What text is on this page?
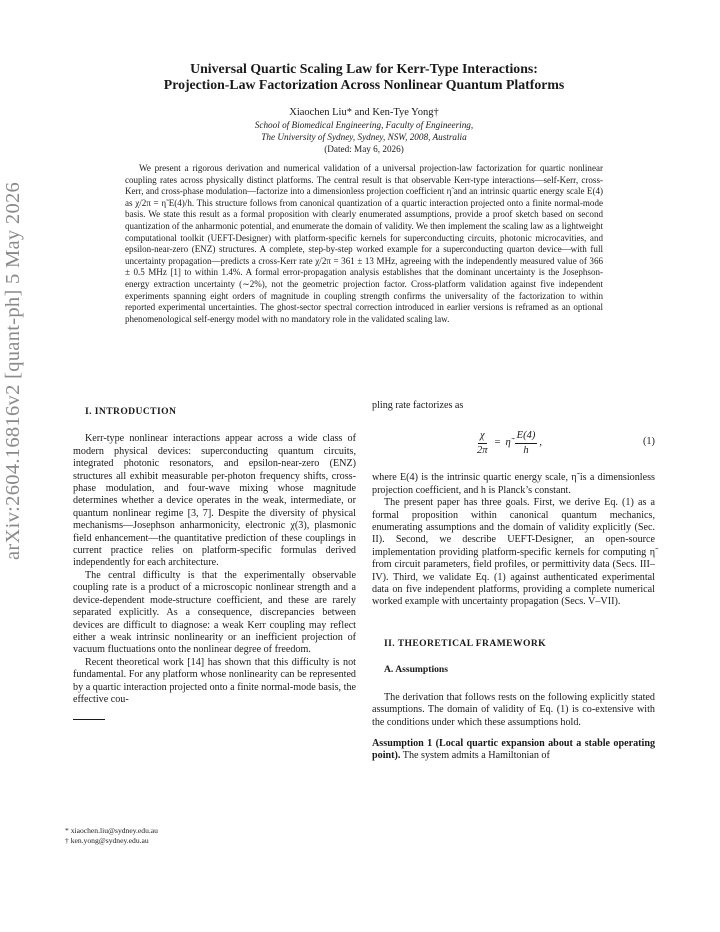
arXiv:2604.16816v2 [quant-ph] 5 May 2026
Universal Quartic Scaling Law for Kerr-Type Interactions:
Projection-Law Factorization Across Nonlinear Quantum Platforms
Xiaochen Liu* and Ken-Tye Yong†
School of Biomedical Engineering, Faculty of Engineering,
The University of Sydney, Sydney, NSW, 2008, Australia
(Dated: May 6, 2026)

We present a rigorous derivation and numerical validation of a universal projection-law factorization for quartic nonlinear coupling rates across physically distinct platforms. The central result is that observable Kerr-type interactions—self-Kerr, cross-Kerr, and cross-phase modulation—factorize into a dimensionless projection coefficient η̃ and an intrinsic quartic energy scale E(4) as χ/2π = η̃ E(4)/h. This structure follows from canonical quantization of a quartic interaction projected onto a finite normal-mode basis. We state this result as a formal proposition with clearly enumerated assumptions, provide a proof sketch based on second quantization of the anharmonic potential, and enumerate the domain of validity. We then implement the scaling law as a lightweight computational toolkit (UEFT-Designer) with platform-specific kernels for superconducting circuits, photonic microcavities, and epsilon-near-zero (ENZ) structures. A complete, step-by-step worked example for a superconducting quarton device—with full uncertainty propagation—predicts a cross-Kerr rate χ/2π = 361 ± 13 MHz, agreeing with the independently measured value of 366 ± 0.5 MHz [1] to within 1.4%. A formal error-propagation analysis establishes that the dominant uncertainty is the Josephson-energy extraction uncertainty (∼2%), not the geometric projection factor. Cross-platform validation against five independent experiments spanning eight orders of magnitude in coupling strength confirms the universality of the factorization to within reported experimental uncertainties. The ghost-sector spectral correction introduced in earlier versions is reframed as an optional phenomenological self-energy model with no mandatory role in the validated scaling law.

I. INTRODUCTION

Kerr-type nonlinear interactions appear across a wide class of modern physical devices: superconducting quantum circuits, integrated photonic resonators, and epsilon-near-zero (ENZ) structures all exhibit measurable per-photon frequency shifts, cross-phase modulation, and four-wave mixing whose magnitude determines whether a device operates in the weak, intermediate, or quantum nonlinear regime [3, 7]. Despite the diversity of physical mechanisms—Josephson anharmonicity, electronic χ(3), plasmonic field enhancement—the quantitative prediction of these couplings in current practice relies on platform-specific formulas derived independently for each architecture.

The central difficulty is that the experimentally observable coupling rate is a product of a microscopic nonlinear strength and a device-dependent mode-structure coefficient, and these are rarely separated explicitly. As a consequence, discrepancies between devices are difficult to diagnose: a weak Kerr coupling may reflect either a weak intrinsic nonlinearity or an inefficient projection of vacuum fluctuations onto the nonlinear degree of freedom.

Recent theoretical work [14] has shown that this difficulty is not fundamental. For any platform whose nonlinearity can be represented by a quartic interaction projected onto a finite normal-mode basis, the effective cou-

pling rate factorizes as

$\frac{\chi}{2\pi}$ = η̃ $\frac{E(4)}{h}$ ,	(1)

where E(4) is the intrinsic quartic energy scale, η̃ is a dimensionless projection coefficient, and h is Planck’s constant.

The present paper has three goals. First, we derive Eq. (1) as a formal proposition within canonical quantum mechanics, enumerating assumptions and the domain of validity explicitly (Sec. II). Second, we describe UEFT-Designer, an open-source implementation providing platform-specific kernels for computing η̃ from circuit parameters, field profiles, or permittivity data (Secs. III–IV). Third, we validate Eq. (1) against authenticated experimental data on five independent platforms, providing a complete numerical worked example with uncertainty propagation (Secs. V–VII).

II. THEORETICAL FRAMEWORK

A. Assumptions

The derivation that follows rests on the following explicitly stated assumptions. The domain of validity of Eq. (1) is co-extensive with the conditions under which these assumptions hold.

Assumption 1 (Local quartic expansion about a stable operating point). The system admits a Hamiltonian of

* xiaochen.liu@sydney.edu.au
† ken.yong@sydney.edu.au
